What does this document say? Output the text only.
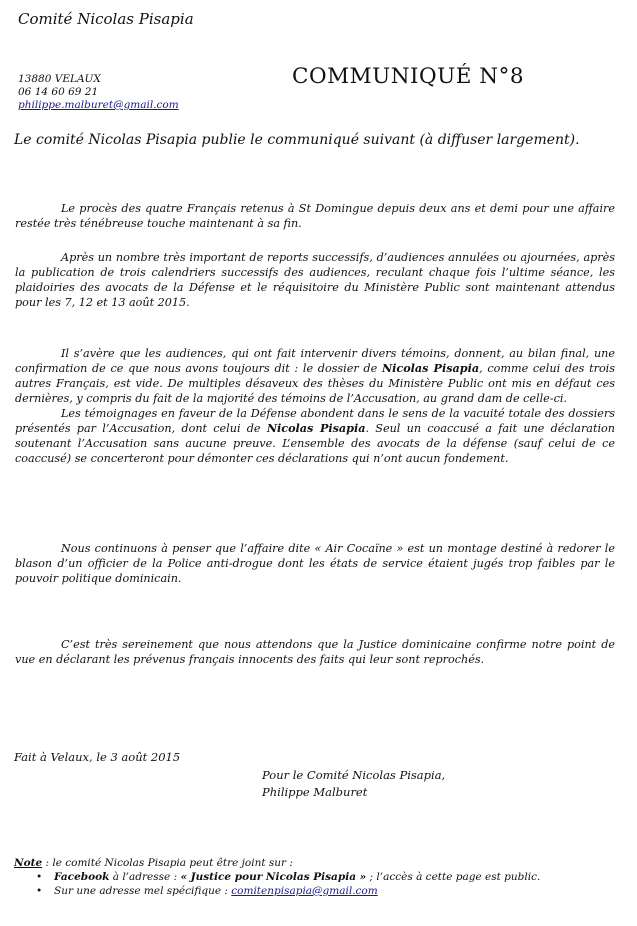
Comité Nicolas Pisapia
13880 VELAUX
06 14 60 69 21
philippe.malburet@gmail.com
COMMUNIQUÉ N°8
Le comité Nicolas Pisapia publie le communiqué suivant (à diffuser largement).

Le procès des quatre Français retenus à St Domingue depuis deux ans et demi pour une affaire restée très ténébreuse touche maintenant à sa fin.

Après un nombre très important de reports successifs, d’audiences annulées ou ajournées, après la publication de trois calendriers successifs des audiences, reculant chaque fois l’ultime séance, les plaidoiries des avocats de la Défense et le réquisitoire du Ministère Public sont maintenant attendus pour les 7, 12 et 13 août 2015.

Il s’avère que les audiences, qui ont fait intervenir divers témoins, donnent, au bilan final, une confirmation de ce que nous avons toujours dit : le dossier de Nicolas Pisapia, comme celui des trois autres Français, est vide. De multiples désaveux des thèses du Ministère Public ont mis en défaut ces dernières, y compris du fait de la majorité des témoins de l’Accusation, au grand dam de celle-ci.

Les témoignages en faveur de la Défense abondent dans le sens de la vacuité totale des dossiers présentés par l’Accusation, dont celui de Nicolas Pisapia. Seul un coaccusé a fait une déclaration soutenant l’Accusation sans aucune preuve. L’ensemble des avocats de la défense (sauf celui de ce coaccusé) se concerteront pour démonter ces déclarations qui n’ont aucun fondement.

Nous continuons à penser que l’affaire dite « Air Cocaïne » est un montage destiné à redorer le blason d’un officier de la Police anti-drogue dont les états de service étaient jugés trop faibles par le pouvoir politique dominicain.

C’est très sereinement que nous attendons que la Justice dominicaine confirme notre point de vue en déclarant les prévenus français innocents des faits qui leur sont reprochés.

Fait à Velaux, le 3 août 2015
Pour le Comité Nicolas Pisapia,
Philippe Malburet
Note : le comité Nicolas Pisapia peut être joint sur :
• Facebook à l’adresse : « Justice pour Nicolas Pisapia » ; l’accès à cette page est public.
• Sur une adresse mel spécifique : comitenpisapia@gmail.com
